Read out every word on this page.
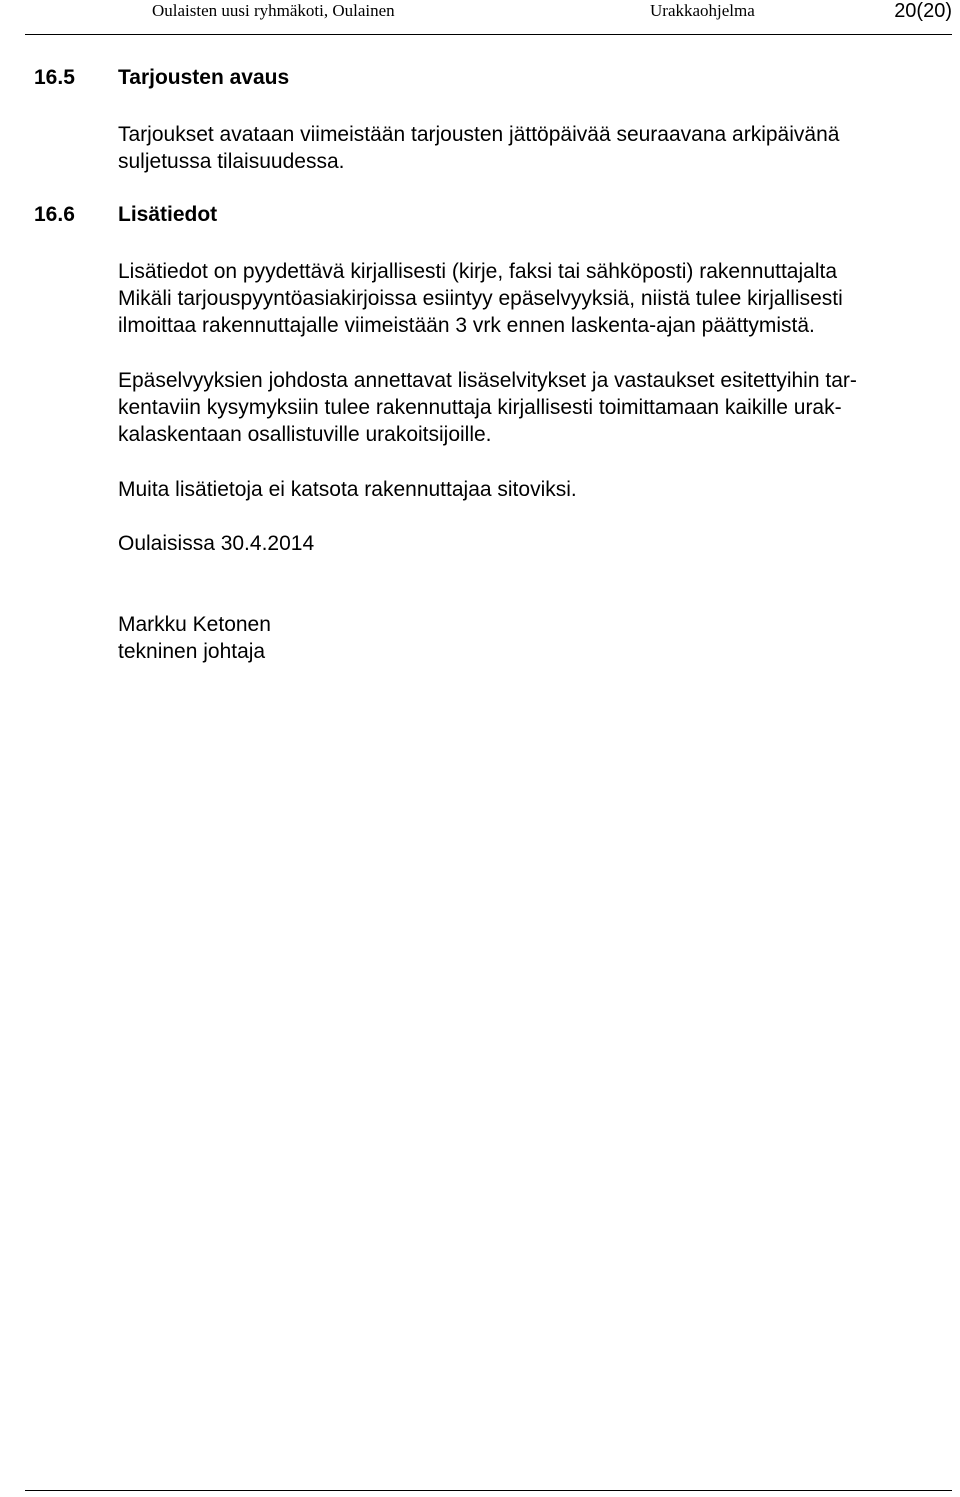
Oulaisten uusi ryhmäkoti, Oulainen	Urakkaohjelma	20(20)
16.5 Tarjousten avaus

Tarjoukset avataan viimeistään tarjousten jättöpäivää seuraavana arkipäivänä
suljetussa tilaisuudessa.

16.6 Lisätiedot

Lisätiedot on pyydettävä kirjallisesti (kirje, faksi tai sähköposti) rakennuttajalta
Mikäli tarjouspyyntöasiakirjoissa esiintyy epäselvyyksiä, niistä tulee kirjallisesti
ilmoittaa rakennuttajalle viimeistään 3 vrk ennen laskenta-ajan päättymistä.

Epäselvyyksien johdosta annettavat lisäselvitykset ja vastaukset esitettyihin tar-
kentaviin kysymyksiin tulee rakennuttaja kirjallisesti toimittamaan kaikille urak-
kalaskentaan osallistuville urakoitsijoille.

Muita lisätietoja ei katsota rakennuttajaa sitoviksi.

Oulaisissa 30.4.2014

Markku Ketonen
tekninen johtaja
